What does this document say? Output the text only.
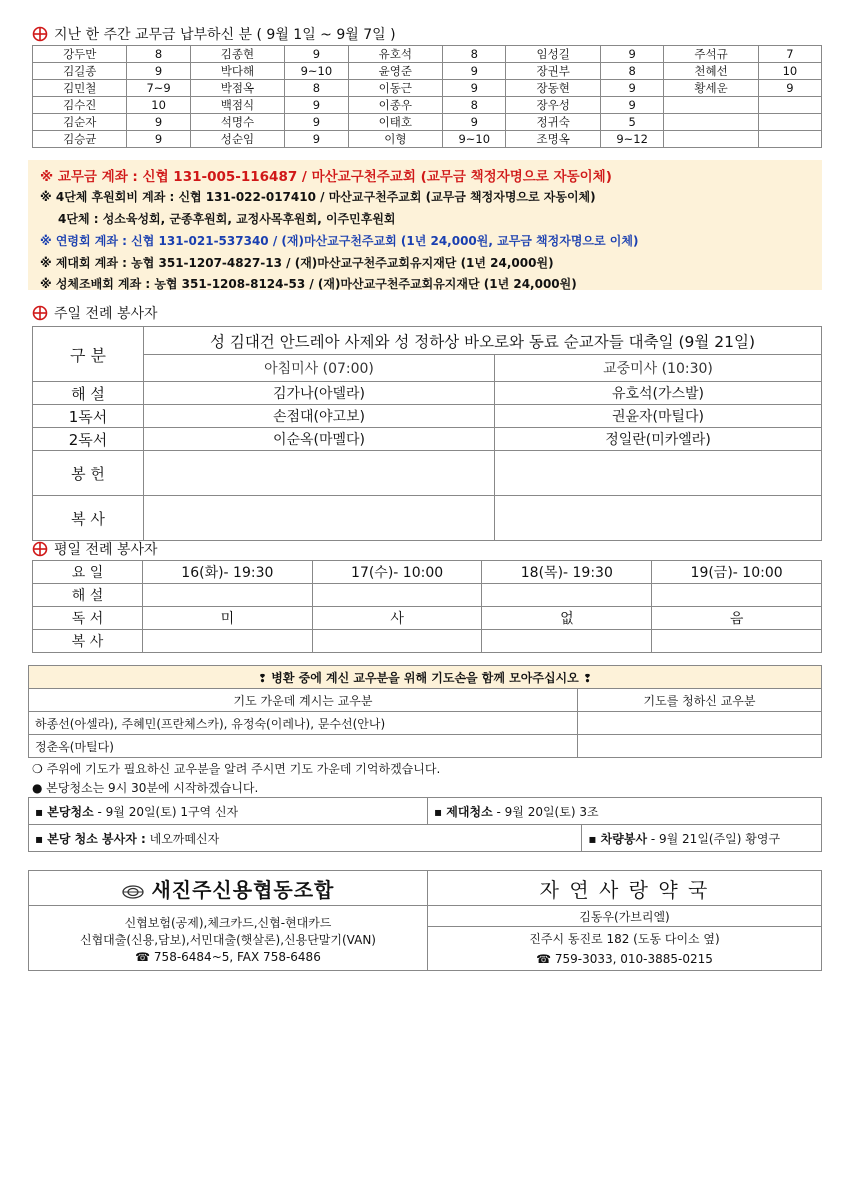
지난 한 주간 교무금 납부하신 분 ( 9월 1일 ~ 9월 7일 )
강두만	8	김종현	9	유호석	8	임성길	9	주석규	7
김길종	9	박다해	9~10	윤영준	9	장권부	8	천혜선	10
김민철	7~9	박점옥	8	이동근	9	장동현	9	황세운	9
김수진	10	백점식	9	이종우	8	장우성	9		
김순자	9	석명수	9	이태호	9	정귀숙	5		
김승균	9	성순임	9	이형	9~10	조명옥	9~12		
※ 교무금 계좌 : 신협 131-005-116487 / 마산교구천주교회 (교무금 책정자명으로 자동이체)
※ 4단체 후원회비 계좌 : 신협 131-022-017410 / 마산교구천주교회 (교무금 책정자명으로 자동이체)
4단체 : 성소육성회, 군종후원회, 교정사목후원회, 이주민후원회
※ 연령회 계좌 : 신협 131-021-537340 / (재)마산교구천주교회 (1년 24,000원, 교무금 책정자명으로 이체)
※ 제대회 계좌 : 농협 351-1207-4827-13 / (재)마산교구천주교회유지재단 (1년 24,000원)
※ 성체조배회 계좌 : 농협 351-1208-8124-53 / (재)마산교구천주교회유지재단 (1년 24,000원)
주일 전례 봉사자
구 분	성 김대건 안드레아 사제와 성 정하상 바오로와 동료 순교자들 대축일 (9월 21일)	
	아침미사 (07:00)	교중미사 (10:30)
해 설	김가나(아델라)	유호석(가스발)
1독서	손점대(야고보)	권윤자(마틸다)
2독서	이순옥(마멜다)	정일란(미카엘라)
봉 헌		
복 사		
평일 전례 봉사자
요 일	16(화)- 19:30	17(수)- 10:00	18(목)- 19:30	19(금)- 10:00
해 설				
독 서	미	사	없	음
복 사				
❢ 병환 중에 계신 교우분을 위해 기도손을 함께 모아주십시오 ❢	
기도 가운데 계시는 교우분	기도를 청하신 교우분
하종선(아셀라), 주혜민(프란체스카), 유정숙(이레나), 문수선(안나)	
정춘옥(마틸다)	
❍ 주위에 기도가 필요하신 교우분을 알려 주시면 기도 가운데 기억하겠습니다.
● 본당청소는 9시 30분에 시작하겠습니다.
▪ 본당청소 - 9월 20일(토) 1구역 신자	▪ 제대청소 - 9월 20일(토) 3조	
▪ 본당 청소 봉사자 : 네오까떼신자		▪ 차량봉사 - 9월 21일(주일) 황영구
새진주신용협동조합	자 연 사 랑 약 국

신협보험(공제),체크카드,신협-현대카드
신협대출(신용,담보),서민대출(햇살론),신용단말기(VAN)
☎ 758-6484~5, FAX 758-6486	김동우(가브리엘)

	진주시 동진로 182 (도동 다이소 옆)
☎ 759-3033, 010-3885-0215
